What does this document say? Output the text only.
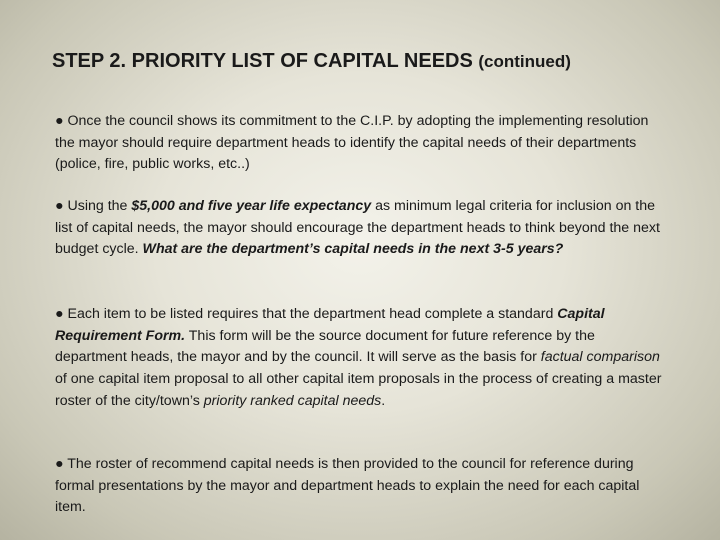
STEP 2. PRIORITY LIST OF CAPITAL NEEDS (continued)
● Once the council shows its commitment to the C.I.P. by adopting the implementing resolution the mayor should require department heads to identify the capital needs of their departments (police, fire, public works, etc..)
● Using the $5,000 and five year life expectancy as minimum legal criteria for inclusion on the list of capital needs, the mayor should encourage the department heads to think beyond the next budget cycle. What are the department’s capital needs in the next 3-5 years?
● Each item to be listed requires that the department head complete a standard Capital Requirement Form. This form will be the source document for future reference by the department heads, the mayor and by the council. It will serve as the basis for factual comparison of one capital item proposal to all other capital item proposals in the process of creating a master roster of the city/town’s priority ranked capital needs.
● The roster of recommend capital needs is then provided to the council for reference during formal presentations by the mayor and department heads to explain the need for each capital item.
